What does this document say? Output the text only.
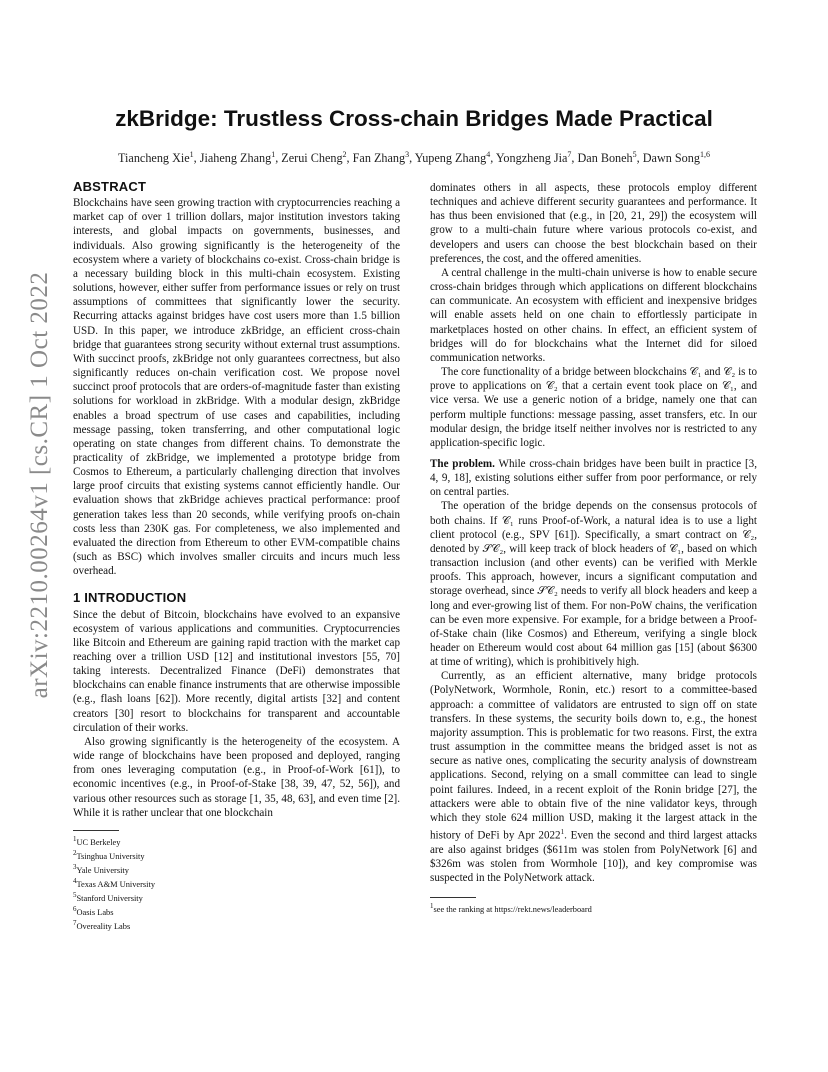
arXiv:2210.00264v1 [cs.CR] 1 Oct 2022
zkBridge: Trustless Cross-chain Bridges Made Practical
Tiancheng Xie$^1$, Jiaheng Zhang$^1$, Zerui Cheng$^2$, Fan Zhang$^3$, Yupeng Zhang$^4$, Yongzheng Jia$^7$, Dan Boneh$^5$, Dawn Song$^{1,6}$
ABSTRACT

Blockchains have seen growing traction with cryptocurrencies reaching a market cap of over 1 trillion dollars, major institution investors taking interests, and global impacts on governments, businesses, and individuals. Also growing significantly is the heterogeneity of the ecosystem where a variety of blockchains co-exist. Cross-chain bridge is a necessary building block in this multi-chain ecosystem. Existing solutions, however, either suffer from performance issues or rely on trust assumptions of committees that significantly lower the security. Recurring attacks against bridges have cost users more than 1.5 billion USD. In this paper, we introduce zkBridge, an efficient cross-chain bridge that guarantees strong security without external trust assumptions. With succinct proofs, zkBridge not only guarantees correctness, but also significantly reduces on-chain verification cost. We propose novel succinct proof protocols that are orders-of-magnitude faster than existing solutions for workload in zkBridge. With a modular design, zkBridge enables a broad spectrum of use cases and capabilities, including message passing, token transferring, and other computational logic operating on state changes from different chains. To demonstrate the practicality of zkBridge, we implemented a prototype bridge from Cosmos to Ethereum, a particularly challenging direction that involves large proof circuits that existing systems cannot efficiently handle. Our evaluation shows that zkBridge achieves practical performance: proof generation takes less than 20 seconds, while verifying proofs on-chain costs less than 230K gas. For completeness, we also implemented and evaluated the direction from Ethereum to other EVM-compatible chains (such as BSC) which involves smaller circuits and incurs much less overhead.

1 INTRODUCTION

Since the debut of Bitcoin, blockchains have evolved to an expansive ecosystem of various applications and communities. Cryptocurrencies like Bitcoin and Ethereum are gaining rapid traction with the market cap reaching over a trillion USD [12] and institutional investors [55, 70] taking interests. Decentralized Finance (DeFi) demonstrates that blockchains can enable finance instruments that are otherwise impossible (e.g., flash loans [62]). More recently, digital artists [32] and content creators [30] resort to blockchains for transparent and accountable circulation of their works.

Also growing significantly is the heterogeneity of the ecosystem. A wide range of blockchains have been proposed and deployed, ranging from ones leveraging computation (e.g., in Proof-of-Work [61]), to economic incentives (e.g., in Proof-of-Stake [38, 39, 47, 52, 56]), and various other resources such as storage [1, 35, 48, 63], and even time [2]. While it is rather unclear that one blockchain

$^1$UC Berkeley
$^2$Tsinghua University
$^3$Yale University
$^4$Texas A&M University
$^5$Stanford University
$^6$Oasis Labs
$^7$Overeality Labs

dominates others in all aspects, these protocols employ different techniques and achieve different security guarantees and performance. It has thus been envisioned that (e.g., in [20, 21, 29]) the ecosystem will grow to a multi-chain future where various protocols co-exist, and developers and users can choose the best blockchain based on their preferences, the cost, and the offered amenities.

A central challenge in the multi-chain universe is how to enable secure cross-chain bridges through which applications on different blockchains can communicate. An ecosystem with efficient and inexpensive bridges will enable assets held on one chain to effortlessly participate in marketplaces hosted on other chains. In effect, an efficient system of bridges will do for blockchains what the Internet did for siloed communication networks.

The core functionality of a bridge between blockchains 𝒞₁ and 𝒞₂ is to prove to applications on 𝒞₂ that a certain event took place on 𝒞₁, and vice versa. We use a generic notion of a bridge, namely one that can perform multiple functions: message passing, asset transfers, etc. In our modular design, the bridge itself neither involves nor is restricted to any application-specific logic.

The problem. While cross-chain bridges have been built in practice [3, 4, 9, 18], existing solutions either suffer from poor performance, or rely on central parties.

The operation of the bridge depends on the consensus protocols of both chains. If 𝒞₁ runs Proof-of-Work, a natural idea is to use a light client protocol (e.g., SPV [61]). Specifically, a smart contract on 𝒞₂, denoted by 𝒮𝒞₂, will keep track of block headers of 𝒞₁, based on which transaction inclusion (and other events) can be verified with Merkle proofs. This approach, however, incurs a significant computation and storage overhead, since 𝒮𝒞₂ needs to verify all block headers and keep a long and ever-growing list of them. For non-PoW chains, the verification can be even more expensive. For example, for a bridge between a Proof-of-Stake chain (like Cosmos) and Ethereum, verifying a single block header on Ethereum would cost about 64 million gas [15] (about $6300 at time of writing), which is prohibitively high.

Currently, as an efficient alternative, many bridge protocols (PolyNetwork, Wormhole, Ronin, etc.) resort to a committee-based approach: a committee of validators are entrusted to sign off on state transfers. In these systems, the security boils down to, e.g., the honest majority assumption. This is problematic for two reasons. First, the extra trust assumption in the committee means the bridged asset is not as secure as native ones, complicating the security analysis of downstream applications. Second, relying on a small committee can lead to single point failures. Indeed, in a recent exploit of the Ronin bridge [27], the attackers were able to obtain five of the nine validator keys, through which they stole 624 million USD, making it the largest attack in the history of DeFi by Apr 2022$^1$. Even the second and third largest attacks are also against bridges ($611m was stolen from PolyNetwork [6] and $326m was stolen from Wormhole [10]), and key compromise was suspected in the PolyNetwork attack.

$^1$see the ranking at https://rekt.news/leaderboard
